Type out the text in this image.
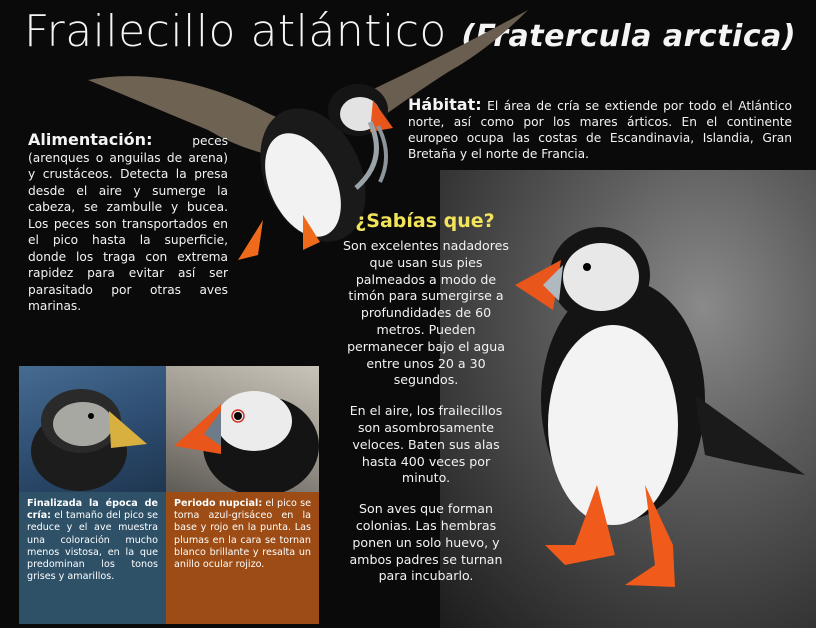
Frailecillo atlántico (Fratercula arctica)
Alimentación:	peces (arenques o anguilas de arena) y crustáceos. Detecta la presa desde el aire y sumerge la cabeza, se zambulle y bucea. Los peces son transportados en el pico hasta la superficie, donde los traga con extrema rapidez para evitar así ser parasitado por otras aves marinas.
Hábitat: El área de cría se extiende por todo el Atlántico norte, así como por los mares árticos. En el continente europeo ocupa las costas de Escandinavia, Islandia, Gran Bretaña y el norte de Francia.
¿Sabías que?

Son excelentes nadadores que usan sus pies palmeados a modo de timón para sumergirse a profundidades de 60 metros. Pueden permanecer bajo el agua entre unos 20 a 30 segundos.

En el aire, los frailecillos son asombrosamente veloces. Baten sus alas hasta 400 veces por minuto.

Son aves que forman colonias. Las hembras ponen un solo huevo, y ambos padres se turnan para incubarlo.

Finalizada la época de cría: el tamaño del pico se reduce y el ave muestra una coloración mucho menos vistosa, en la que predominan los tonos grises y amarillos.
Periodo nupcial: el pico se torna azul-grisáceo en la base y rojo en la punta. Las plumas en la cara se tornan blanco brillante y resalta un anillo ocular rojizo.
